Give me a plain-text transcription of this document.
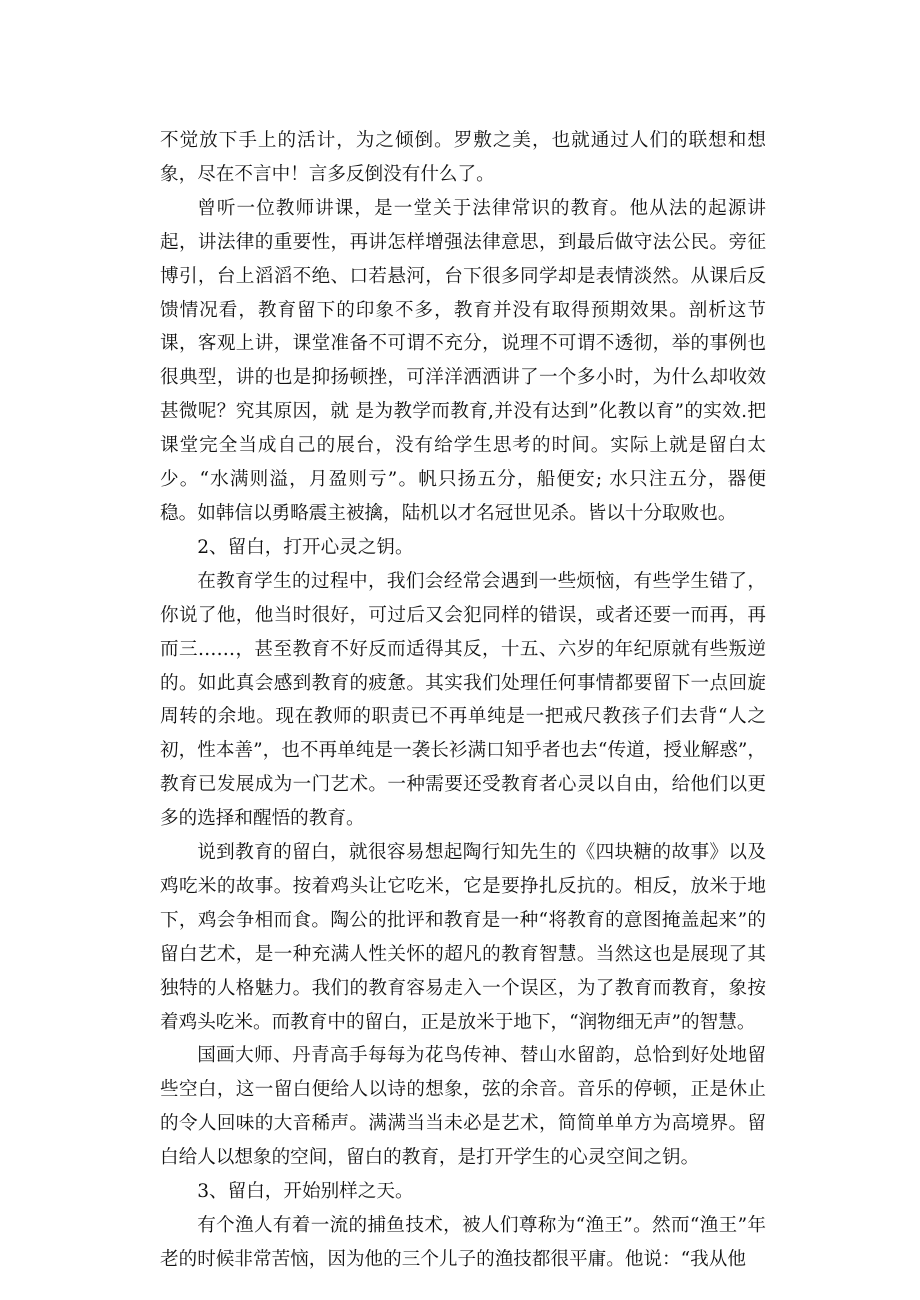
不觉放下手上的活计，为之倾倒。罗敷之美，也就通过人们的联想和想象，尽在不言中！言多反倒没有什么了。

曾听一位教师讲课，是一堂关于法律常识的教育。他从法的起源讲起，讲法律的重要性，再讲怎样增强法律意思，到最后做守法公民。旁征博引，台上滔滔不绝、口若悬河，台下很多同学却是表情淡然。从课后反馈情况看，教育留下的印象不多，教育并没有取得预期效果。剖析这节课，客观上讲，课堂准备不可谓不充分，说理不可谓不透彻，举的事例也很典型，讲的也是抑扬顿挫，可洋洋洒洒讲了一个多小时，为什么却收效甚微呢？究其原因，就 是为教学而教育,并没有达到”化教以育”的实效.把课堂完全当成自己的展台，没有给学生思考的时间。实际上就是留白太少。“水满则溢，月盈则亏”。帆只扬五分，船便安; 水只注五分，器便稳。如韩信以勇略震主被擒，陆机以才名冠世见杀。皆以十分取败也。

2、留白，打开心灵之钥。

在教育学生的过程中，我们会经常会遇到一些烦恼，有些学生错了，你说了他，他当时很好，可过后又会犯同样的错误，或者还要一而再，再而三……，甚至教育不好反而适得其反，十五、六岁的年纪原就有些叛逆的。如此真会感到教育的疲惫。其实我们处理任何事情都要留下一点回旋周转的余地。现在教师的职责已不再单纯是一把戒尺教孩子们去背“人之初，性本善”，也不再单纯是一袭长衫满口知乎者也去“传道，授业解惑”，教育已发展成为一门艺术。一种需要还受教育者心灵以自由，给他们以更多的选择和醒悟的教育。

说到教育的留白，就很容易想起陶行知先生的《四块糖的故事》以及鸡吃米的故事。按着鸡头让它吃米，它是要挣扎反抗的。相反，放米于地下，鸡会争相而食。陶公的批评和教育是一种“将教育的意图掩盖起来”的留白艺术，是一种充满人性关怀的超凡的教育智慧。当然这也是展现了其独特的人格魅力。我们的教育容易走入一个误区，为了教育而教育，象按着鸡头吃米。而教育中的留白，正是放米于地下，“润物细无声”的智慧。

国画大师、丹青高手每每为花鸟传神、替山水留韵，总恰到好处地留些空白，这一留白便给人以诗的想象，弦的余音。音乐的停顿，正是休止的令人回味的大音稀声。满满当当未必是艺术，简简单单方为高境界。留白给人以想象的空间，留白的教育，是打开学生的心灵空间之钥。

3、留白，开始别样之天。

有个渔人有着一流的捕鱼技术，被人们尊称为“渔王”。然而“渔王”年老的时候非常苦恼，因为他的三个儿子的渔技都很平庸。他说：“我从他
